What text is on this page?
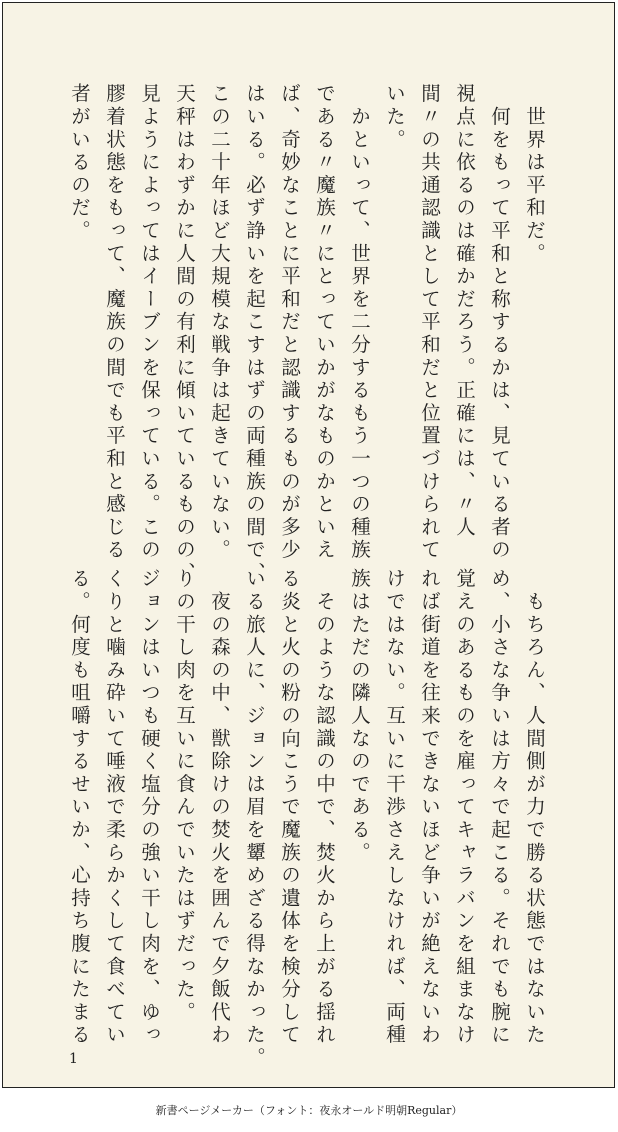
　世界は平和だ。
　何をもって平和と称するかは、見ている者の
視点に依るのは確かだろう。正確には、〃人
間〃の共通認識として平和だと位置づけられて
いた。
　かといって、世界を二分するもう一つの種族
である〃魔族〃にとっていかがなものかといえ
ば、奇妙なことに平和だと認識するものが多少
はいる。必ず諍いを起こすはずの両種族の間で、
この二十年ほど大規模な戦争は起きていない。
天秤はわずかに人間の有利に傾いているものの、
見ようによってはイーブンを保っている。この
膠着状態をもって、魔族の間でも平和と感じる
者がいるのだ。
　もちろん、人間側が力で勝る状態ではないた
め、小さな争いは方々で起こる。それでも腕に
覚えのあるものを雇ってキャラバンを組まなけ
れば街道を往来できないほど争いが絶えないわ
けではない。互いに干渉さえしなければ、両種
族はただの隣人なのである。
　そのような認識の中で、焚火から上がる揺れ
る炎と火の粉の向こうで魔族の遺体を検分して
いる旅人に、ジョンは眉を顰めざる得なかった。
　夜の森の中、獣除けの焚火を囲んで夕飯代わ
りの干し肉を互いに食んでいたはずだった。
ジョンはいつも硬く塩分の強い干し肉を、ゆっ
くりと噛み砕いて唾液で柔らかくして食べてい
る。何度も咀嚼するせいか、心持ち腹にたまる
1
新書ページメーカー（フォント：夜永オールド明朝Regular）
